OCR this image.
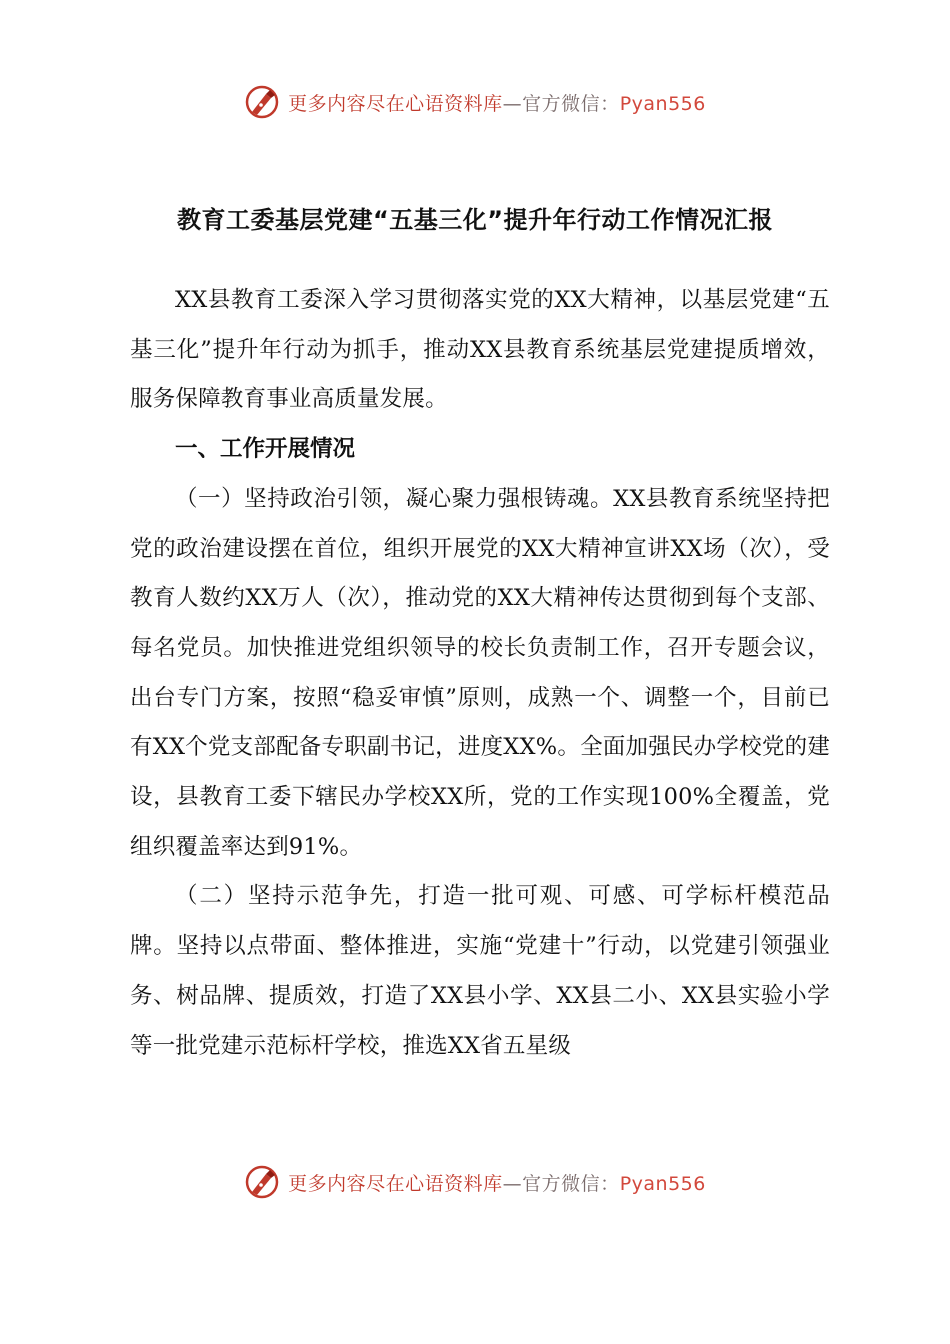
更多内容尽在心语资料库—官方微信：Pyan556
教育工委基层党建“五基三化”提升年行动工作情况汇报

XX县教育工委深入学习贯彻落实党的XX大精神，以基层党建“五基三化”提升年行动为抓手，推动XX县教育系统基层党建提质增效，服务保障教育事业高质量发展。

一、工作开展情况

（一）坚持政治引领，凝心聚力强根铸魂。XX县教育系统坚持把党的政治建设摆在首位，组织开展党的XX大精神宣讲XX场（次），受教育人数约XX万人（次），推动党的XX大精神传达贯彻到每个支部、每名党员。加快推进党组织领导的校长负责制工作，召开专题会议，出台专门方案，按照“稳妥审慎”原则，成熟一个、调整一个，目前已有XX个党支部配备专职副书记，进度XX%。全面加强民办学校党的建设，县教育工委下辖民办学校XX所，党的工作实现100%全覆盖，党组织覆盖率达到91%。

（二）坚持示范争先，打造一批可观、可感、可学标杆模范品牌。坚持以点带面、整体推进，实施“党建十”行动，以党建引领强业务、树品牌、提质效，打造了XX县小学、XX县二小、XX县实验小学等一批党建示范标杆学校，推选XX省五星级

更多内容尽在心语资料库—官方微信：Pyan556
